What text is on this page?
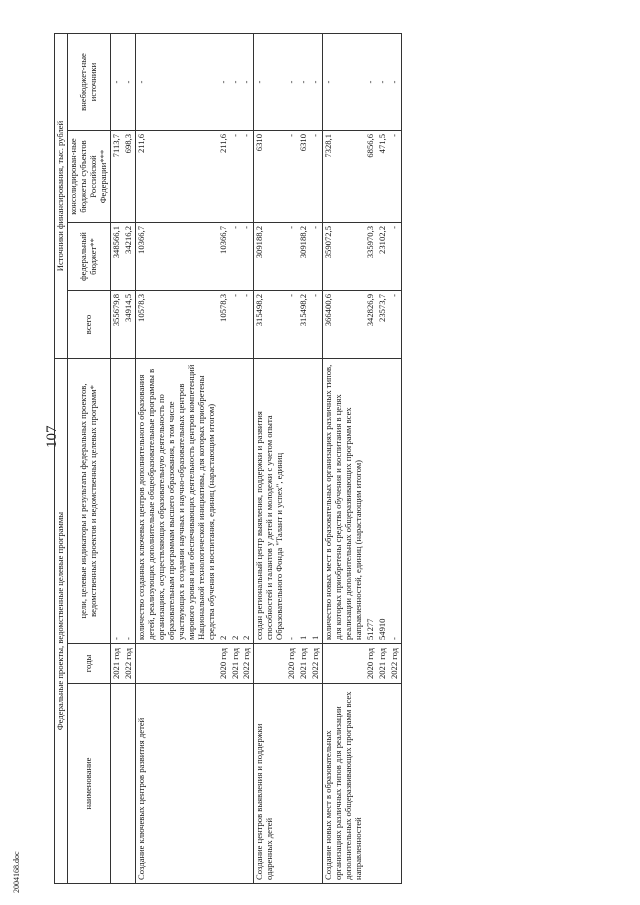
107
2004168.doc
Федеральные проекты, ведомственные целевые программы			Источники финансирования, тыс. рублей			
наименование	годы	цели, целевые индикаторы и результаты федеральных проектов, ведомственных проектов и ведомственных целевых программ*	всего	федеральный бюджет**	консолидирован-ные бюджеты субъектов Российской Федерации***	внебюджет-ные источники
	2021 год	-	355679,8	348566,1	7113,7	-
	2022 год	-	34914,5	34216,2	698,3	-
Создание ключевых центров развития детей		количество созданных ключевых центров дополнительного образования детей, реализующих дополнительные общеобразовательные программы в организациях, осуществляющих образовательную деятельность по образовательным программам высшего образования, в том числе участвующих в создании научных и научно-образовательных центров мирового уровня или обеспечивающих деятельность центров компетенций Национальной технологической инициативы, для которых приобретены средства обучения и воспитания, единиц (нарастающим итогом)	10578,3	10366,7	211,6	-
	2020 год	2	10578,3	10366,7	211,6	-
	2021 год	2	-	-	-	-
	2022 год	2	-	-	-	-
Создание центров выявления и поддержки одаренных детей		создан региональный центр выявления, поддержки и развития способностей и талантов у детей и молодежи с учетом опыта Образовательного Фонда "Талант и успех", единиц	315498,2	309188,2	6310	-
	2020 год	-	-	-	-	-
	2021 год	1	315498,2	309188,2	6310	-
	2022 год	1	-	-	-	-
Создание новых мест в образовательных организациях различных типов для реализации дополнительных общеразвивающих программ всех направленностей		количество новых мест в образовательных организациях различных типов, для которых приобретены средства обучения и воспитания в целях реализации дополнительных общеразвивающих программ всех направленностей, единиц (нарастающим итогом)	366400,6	359072,5	7328,1	-
	2020 год	51277	342826,9	335970,3	6856,6	-
	2021 год	54910	23573,7	23102,2	471,5	-
	2022 год	-	-	-	-	-
